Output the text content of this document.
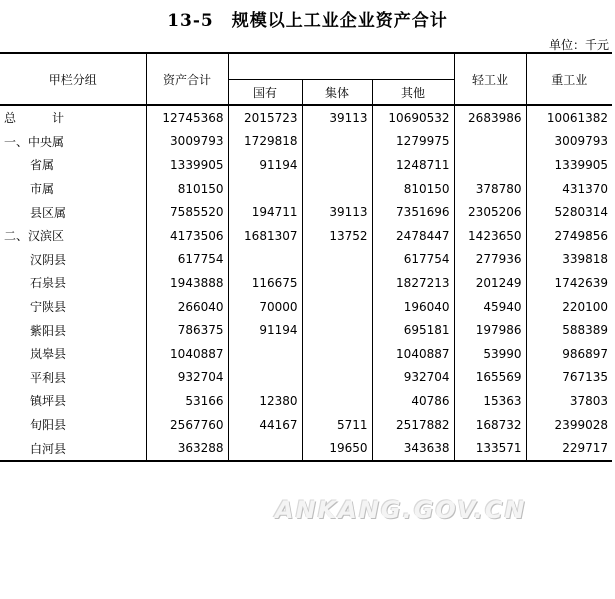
13-5　规模以上工业企业资产合计
单位：千元
甲栏分组	资产合计				轻工业	重工业
		国有	集体	其他		
总　　　计	12745368	2015723	39113	10690532	2683986	10061382
一、中央属	3009793	1729818		1279975		3009793
省属	1339905	91194		1248711		1339905
市属	810150			810150	378780	431370
县区属	7585520	194711	39113	7351696	2305206	5280314
二、汉滨区	4173506	1681307	13752	2478447	1423650	2749856
汉阴县	617754			617754	277936	339818
石泉县	1943888	116675		1827213	201249	1742639
宁陕县	266040	70000		196040	45940	220100
紫阳县	786375	91194		695181	197986	588389
岚皋县	1040887			1040887	53990	986897
平利县	932704			932704	165569	767135
镇坪县	53166	12380		40786	15363	37803
旬阳县	2567760	44167	5711	2517882	168732	2399028
白河县	363288		19650	343638	133571	229717
ANKANG.GOV.CN
